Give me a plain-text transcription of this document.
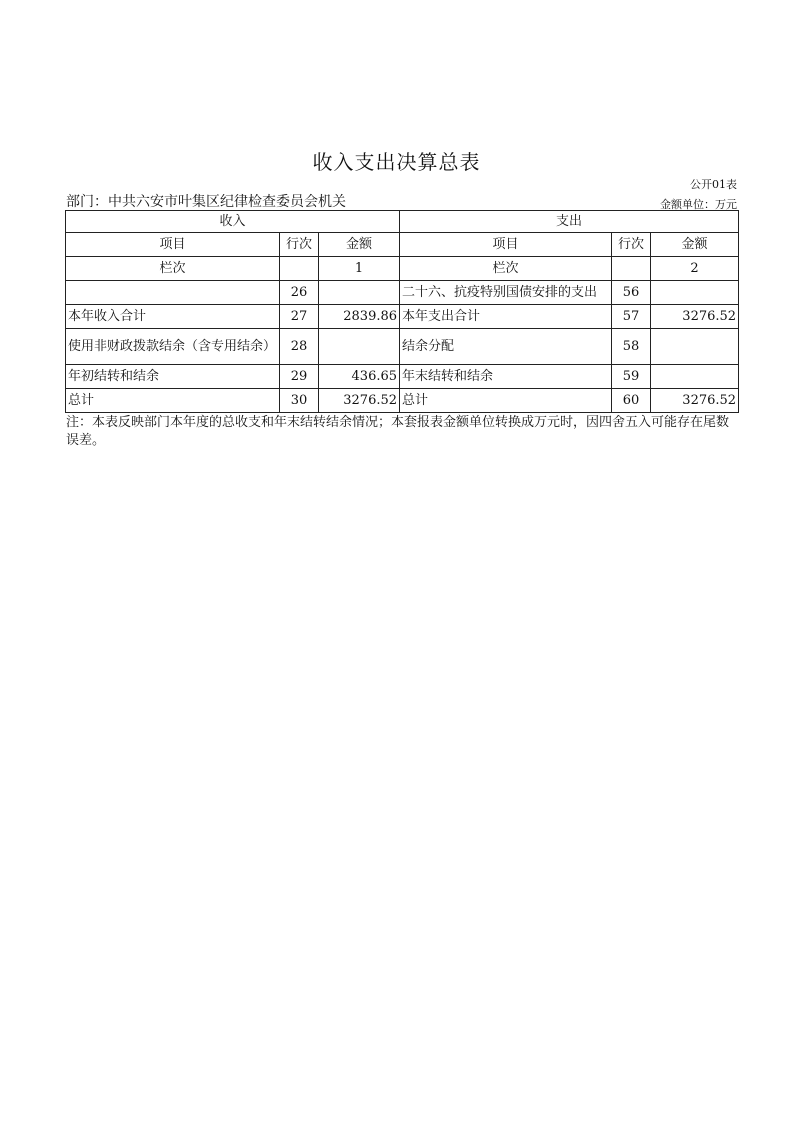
收入支出决算总表
公开01表
部门：中共六安市叶集区纪律检查委员会机关	金额单位：万元
收入			支出		
项目	行次	金额	项目	行次	金额
栏次		1	栏次		2
	26		二十六、抗疫特别国债安排的支出	56	
本年收入合计	27	2839.86	本年支出合计	57	3276.52
使用非财政拨款结余（含专用结余）	28		结余分配	58	
年初结转和结余	29	436.65	年末结转和结余	59	
总计	30	3276.52	总计	60	3276.52
注：本表反映部门本年度的总收支和年末结转结余情况；本套报表金额单位转换成万元时，因四舍五入可能存在尾数误差。
